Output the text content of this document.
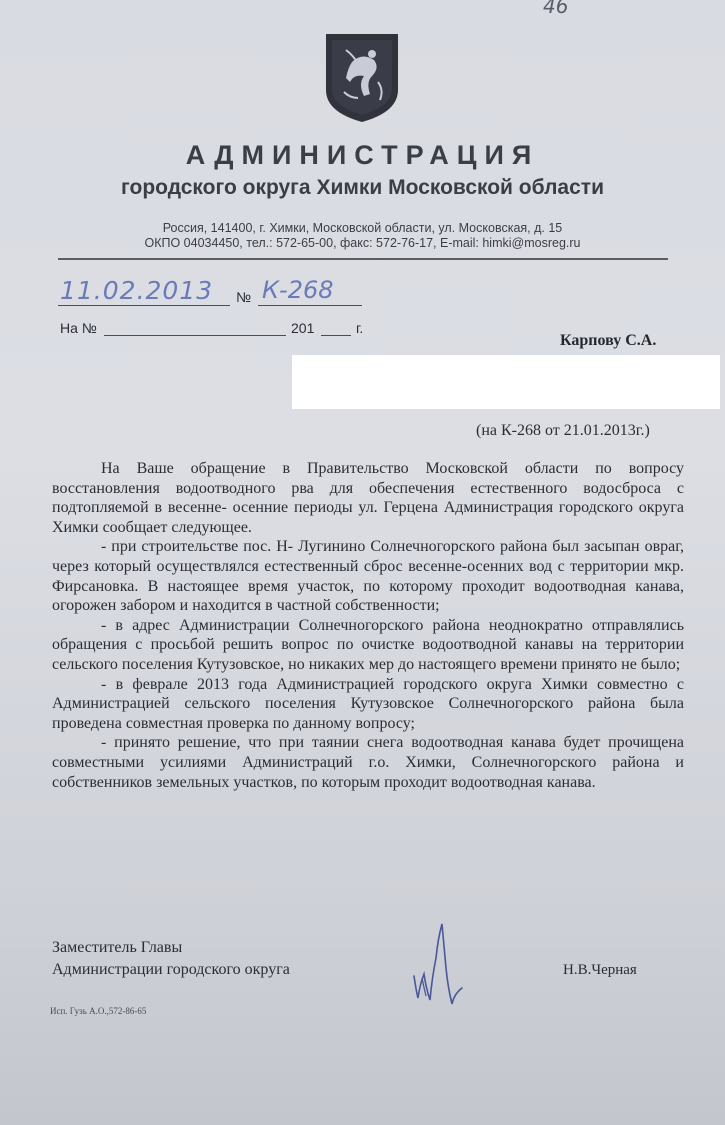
46
АДМИНИСТРАЦИЯ
городского округа Химки Московской области
Россия, 141400, г. Химки, Московской области, ул. Московская, д. 15
ОКПО 04034450, тел.: 572-65-00, факс: 572-76-17, E-mail: himki@mosreg.ru
11.02.2013 № К-268
На №	201	г.
Карпову С.А.
(на К-268 от 21.01.2013г.)

На Ваше обращение в Правительство Московской области по вопросу восстановления водоотводного рва для обеспечения естественного водосброса с подтопляемой в весенне- осенние периоды ул. Герцена Администрация городского округа Химки сообщает следующее.

- при строительстве пос. Н- Лугинино Солнечногорского района был засыпан овраг, через который осуществлялся естественный сброс весенне-осенних вод с территории мкр. Фирсановка. В настоящее время участок, по которому проходит водоотводная канава, огорожен забором и находится в частной собственности;

- в адрес Администрации Солнечногорского района неоднократно отправлялись обращения с просьбой решить вопрос по очистке водоотводной канавы на территории сельского поселения Кутузовское, но никаких мер до настоящего времени принято не было;

- в феврале 2013 года Администрацией городского округа Химки совместно с Администрацией сельского поселения Кутузовское Солнечногорского района была проведена совместная проверка по данному вопросу;

- принято решение, что при таянии снега водоотводная канава будет прочищена совместными усилиями Администраций г.о. Химки, Солнечногорского района и собственников земельных участков, по которым проходит водоотводная канава.

Заместитель Главы
Администрации городского округа	Н.В.Черная
Исп. Гузь А.О.,572-86-65
